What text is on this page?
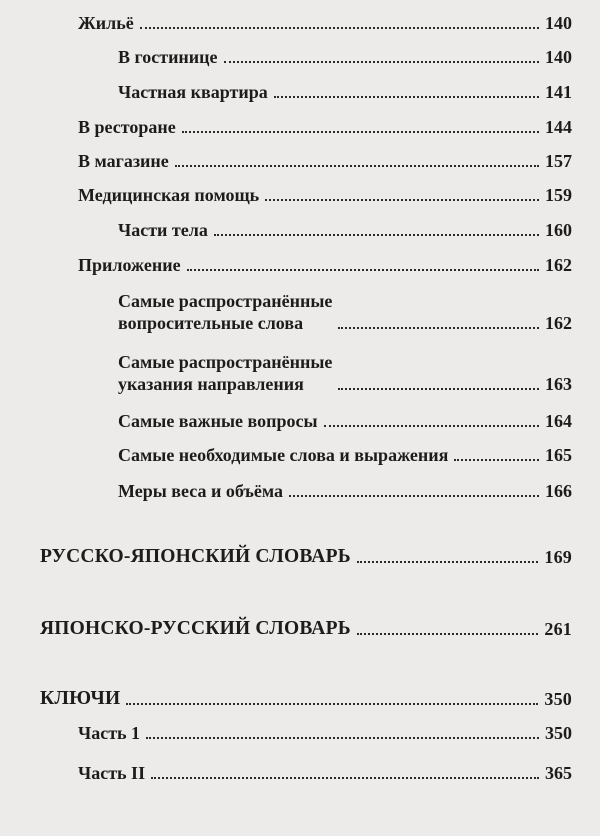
Жильё	140
В гостинице	140
Частная квартира	141
В ресторане	144
В магазине	157
Медицинская помощь	159
Части тела	160
Приложение	162
Самые распространённые
вопросительные слова	162
Самые распространённые
указания направления	163
Самые важные вопросы	164
Самые необходимые слова и выражения	165
Меры веса и объёма	166
РУССКО-ЯПОНСКИЙ СЛОВАРЬ	169
ЯПОНСКО-РУССКИЙ СЛОВАРЬ	261
КЛЮЧИ	350
Часть 1	350
Часть II	365
